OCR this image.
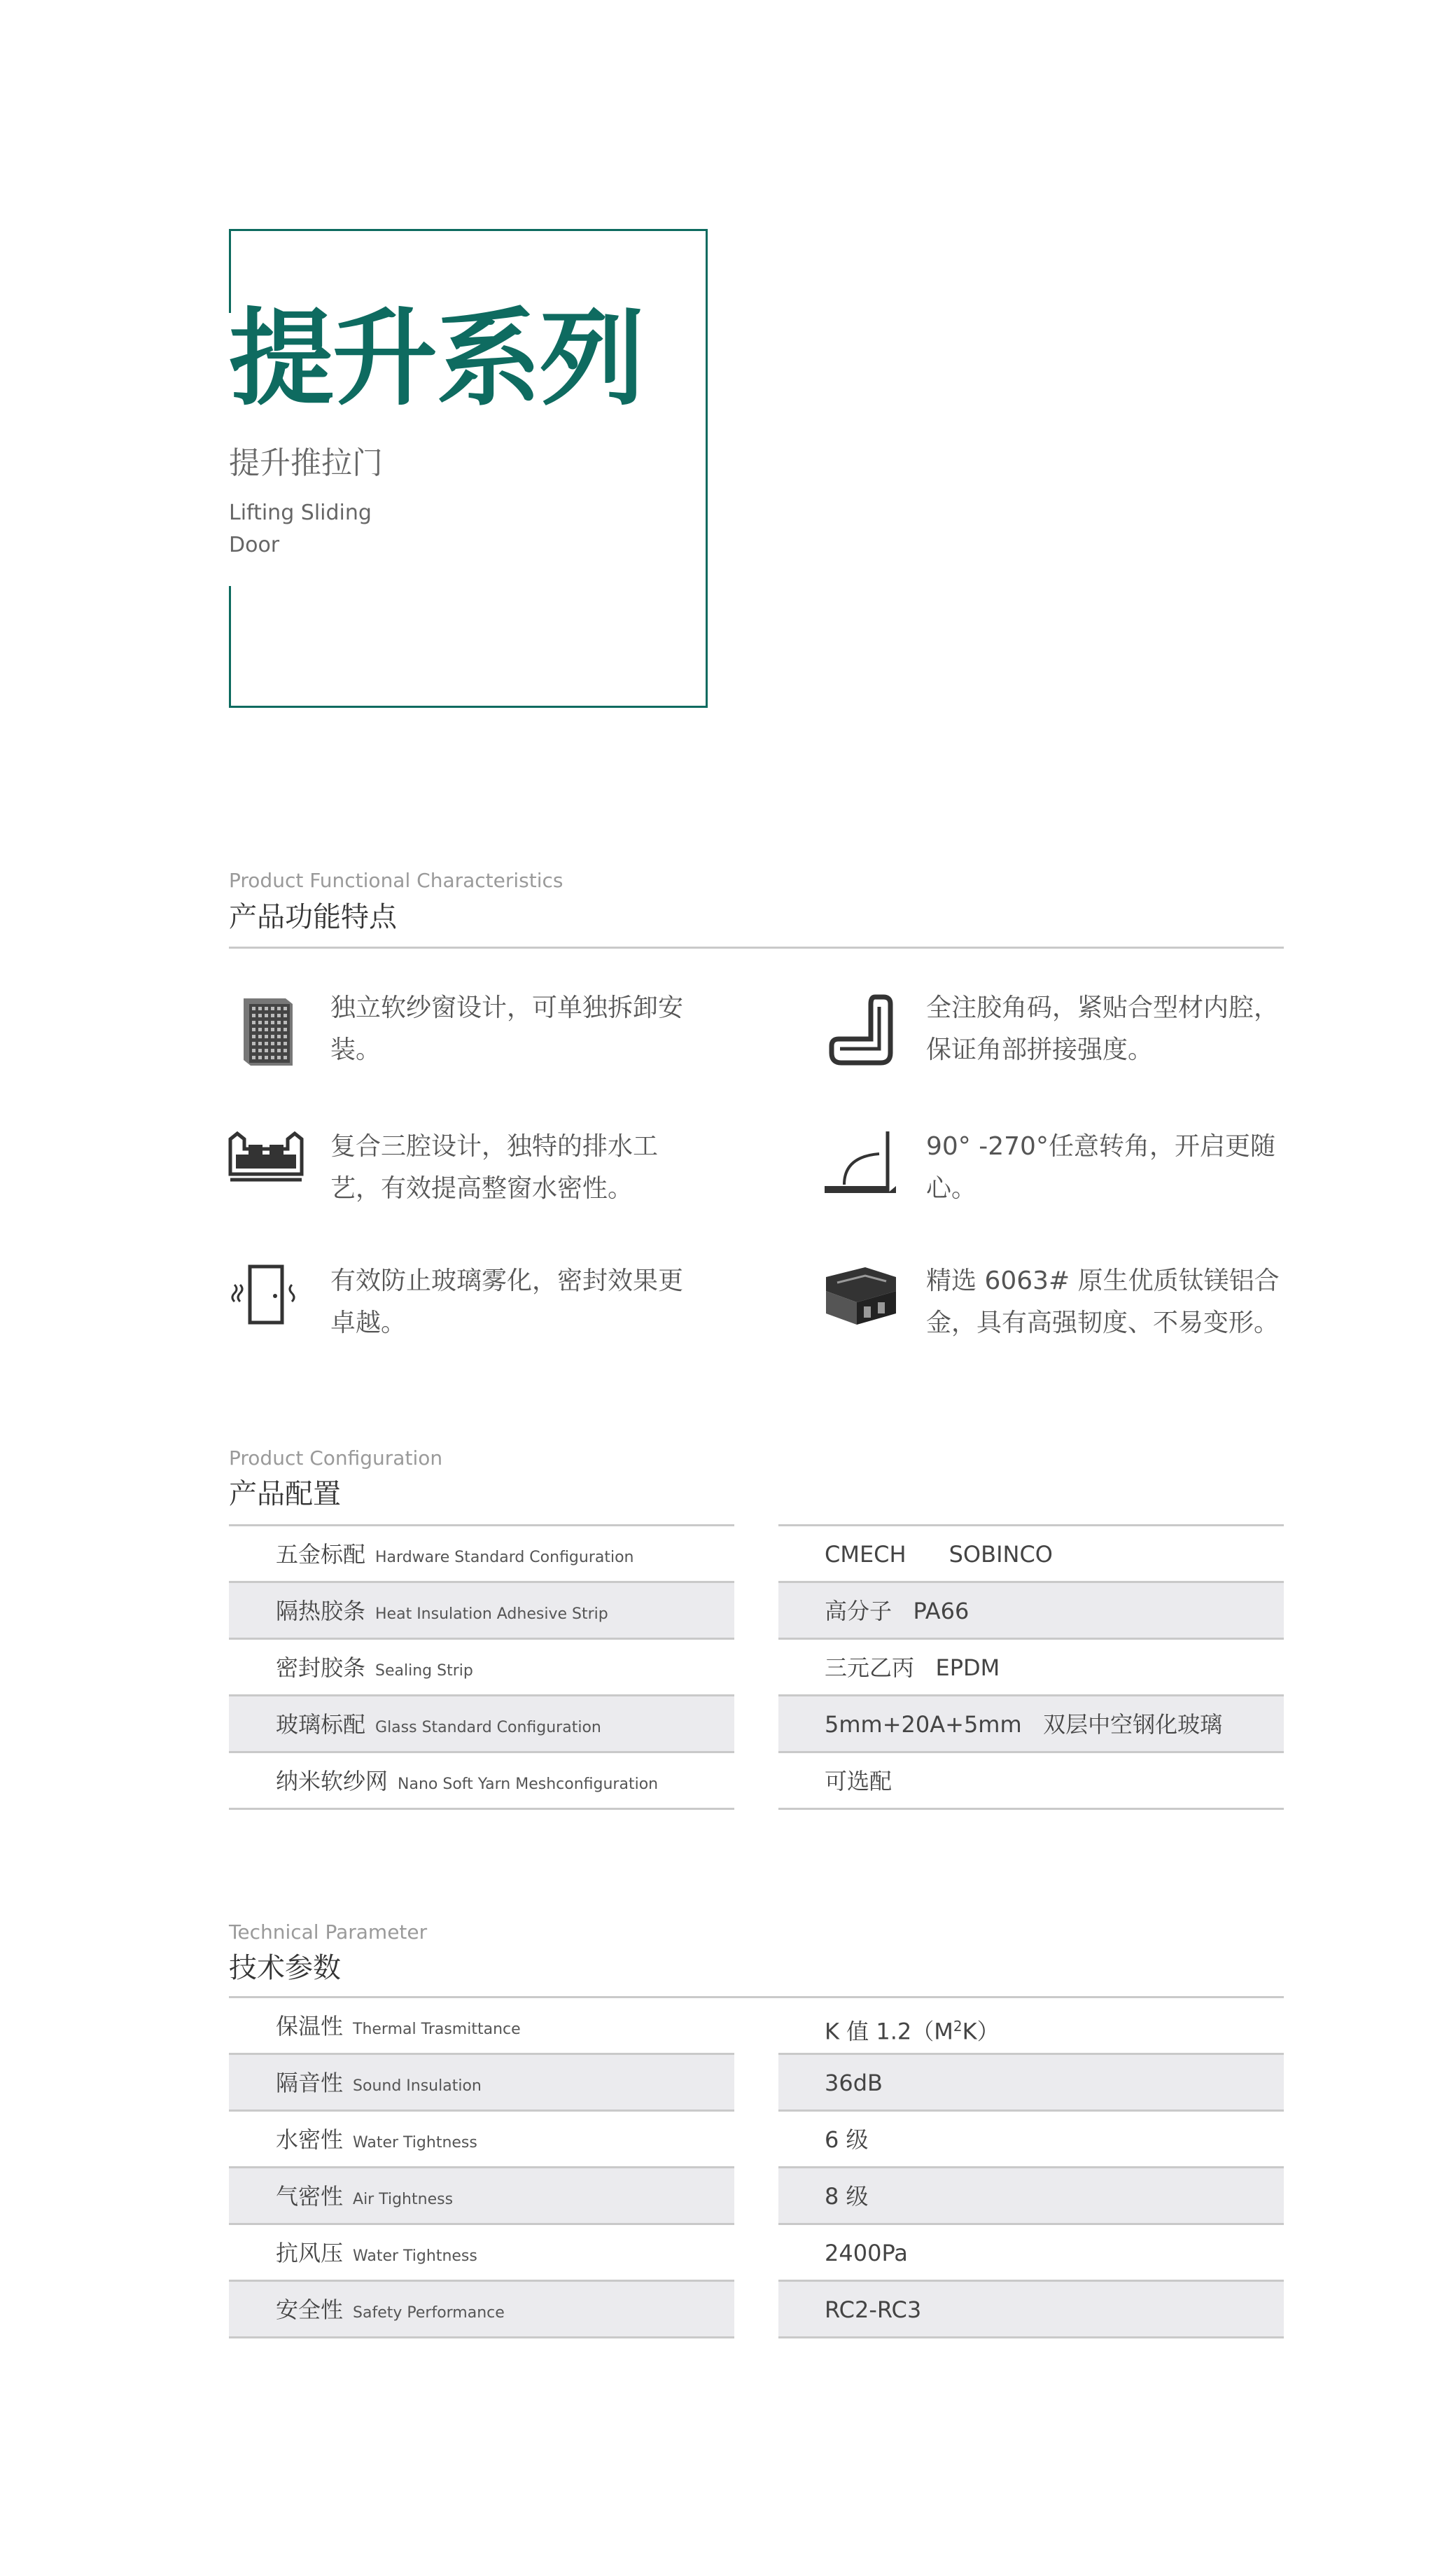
提升系列
提升推拉门
Lifting Sliding
Door
Product Functional Characteristics
产品功能特点
独立软纱窗设计，可单独拆卸安
装。
全注胶角码，紧贴合型材内腔，
保证角部拼接强度。
复合三腔设计，独特的排水工
艺，有效提高整窗水密性。
90° -270°任意转角，开启更随
心。
有效防止玻璃雾化，密封效果更
卓越。
精选 6063# 原生优质钛镁铝合
金，具有高强韧度、不易变形。
Product Configuration
产品配置
五金标配 Hardware Standard Configuration
隔热胶条 Heat Insulation Adhesive Strip
密封胶条 Sealing Strip
玻璃标配 Glass Standard Configuration
纳米软纱网 Nano Soft Yarn Meshconfiguration
CMECH      SOBINCO
高分子   PA66
三元乙丙   EPDM
5mm+20A+5mm   双层中空钢化玻璃
可选配
Technical Parameter
技术参数
保温性 Thermal Trasmittance
隔音性 Sound Insulation
水密性 Water Tightness
气密性 Air Tightness
抗风压 Water Tightness
安全性 Safety Performance
K 值 $1.2(M^2K)$
36dB
6 级
8 级
2400Pa
RC2-RC3
